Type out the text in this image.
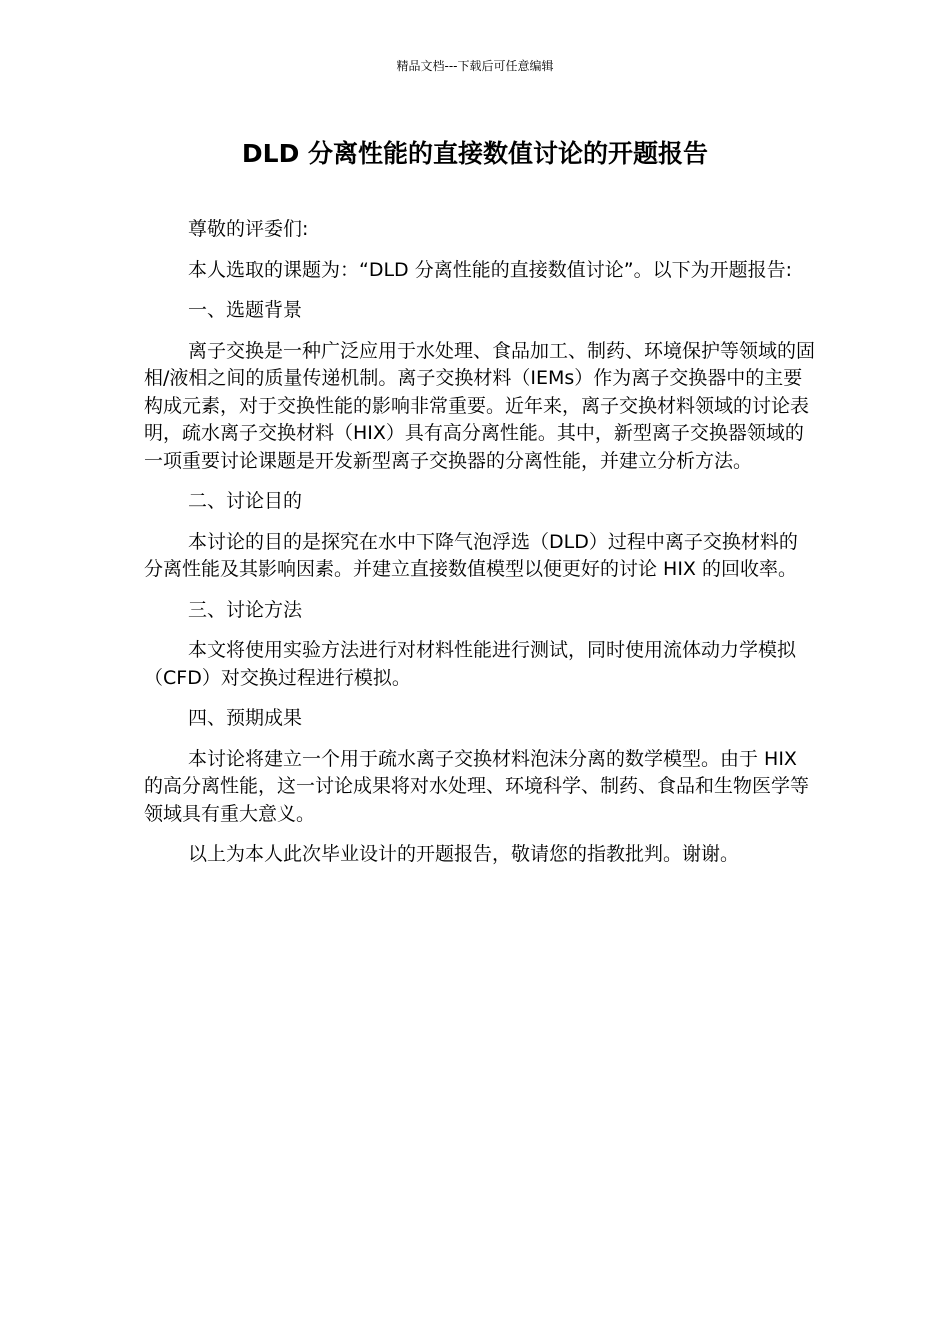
精品文档---下载后可任意编辑
DLD 分离性能的直接数值讨论的开题报告

尊敬的评委们:

本人选取的课题为：“DLD 分离性能的直接数值讨论”。以下为开题报告:

一、选题背景

离子交换是一种广泛应用于水处理、食品加工、制药、环境保护等领域的固相/液相之间的质量传递机制。离子交换材料（IEMs）作为离子交换器中的主要构成元素，对于交换性能的影响非常重要。近年来，离子交换材料领域的讨论表明，疏水离子交换材料（HIX）具有高分离性能。其中，新型离子交换器领域的一项重要讨论课题是开发新型离子交换器的分离性能，并建立分析方法。

二、讨论目的

本讨论的目的是探究在水中下降气泡浮选（DLD）过程中离子交换材料的分离性能及其影响因素。并建立直接数值模型以便更好的讨论 HIX 的回收率。

三、讨论方法

本文将使用实验方法进行对材料性能进行测试，同时使用流体动力学模拟（CFD）对交换过程进行模拟。

四、预期成果

本讨论将建立一个用于疏水离子交换材料泡沫分离的数学模型。由于 HIX 的高分离性能，这一讨论成果将对水处理、环境科学、制药、食品和生物医学等领域具有重大意义。

以上为本人此次毕业设计的开题报告，敬请您的指教批判。谢谢。
